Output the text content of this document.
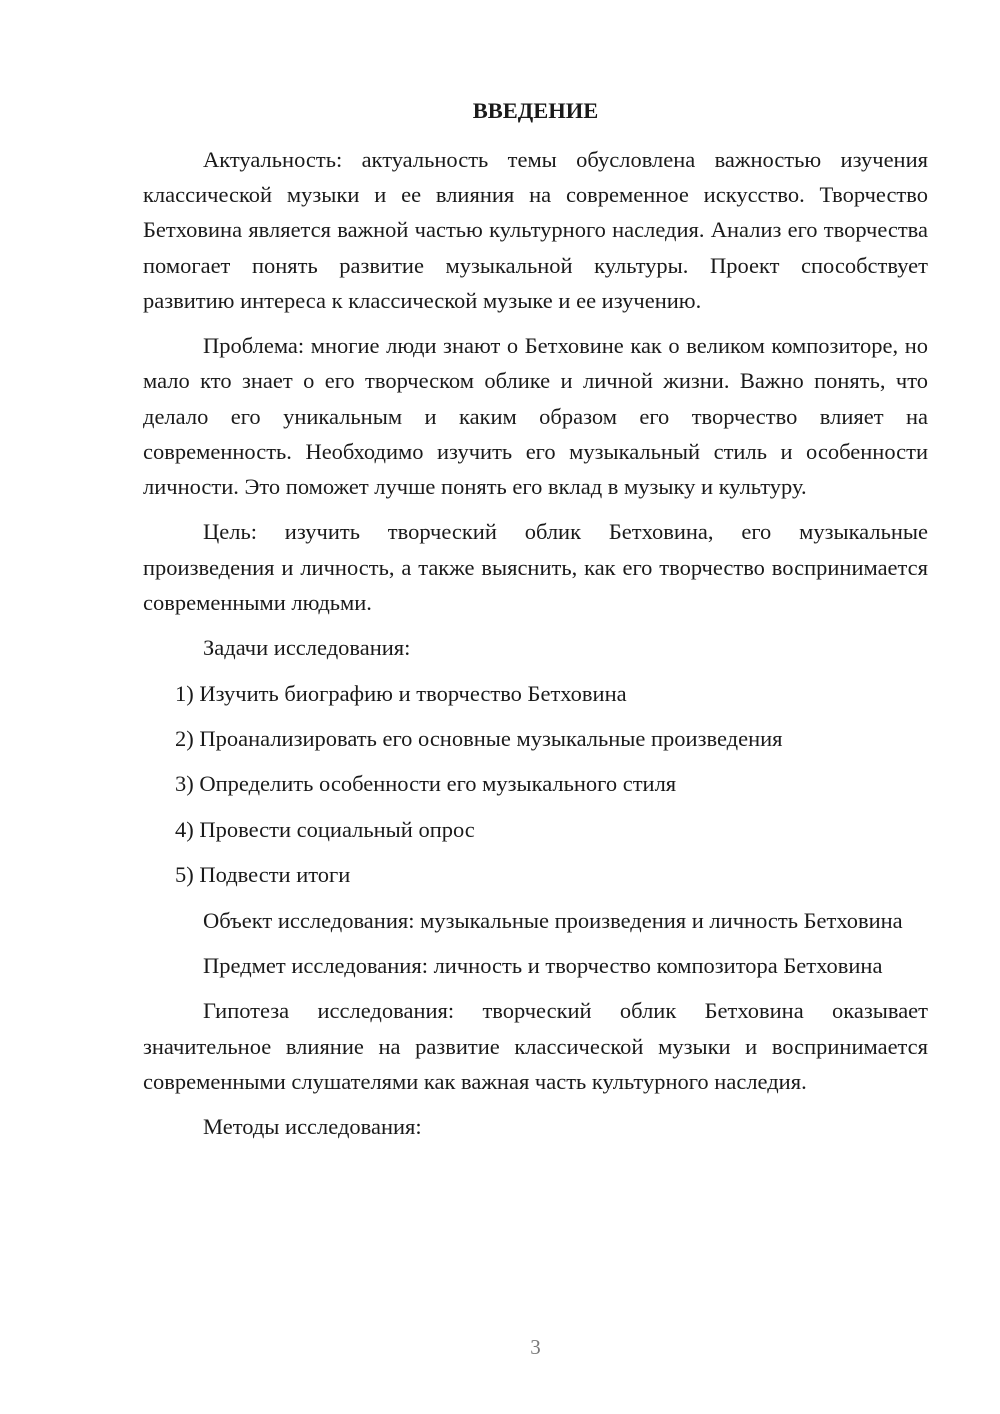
ВВЕДЕНИЕ

Актуальность: актуальность темы обусловлена важностью изучения классической музыки и ее влияния на современное искусство. Творчество Бетховина является важной частью культурного наследия. Анализ его творчества помогает понять развитие музыкальной культуры. Проект способствует развитию интереса к классической музыке и ее изучению.

Проблема: многие люди знают о Бетховине как о великом композиторе, но мало кто знает о его творческом облике и личной жизни. Важно понять, что делало его уникальным и каким образом его творчество влияет на современность. Необходимо изучить его музыкальный стиль и особенности личности. Это поможет лучше понять его вклад в музыку и культуру.

Цель: изучить творческий облик Бетховина, его музыкальные произведения и личность, а также выяснить, как его творчество воспринимается современными людьми.

Задачи исследования:

1) Изучить биографию и творчество Бетховина

2) Проанализировать его основные музыкальные произведения

3) Определить особенности его музыкального стиля

4) Провести социальный опрос

5) Подвести итоги

Объект исследования: музыкальные произведения и личность Бетховина

Предмет исследования: личность и творчество композитора Бетховина

Гипотеза исследования: творческий облик Бетховина оказывает значительное влияние на развитие классической музыки и воспринимается современными слушателями как важная часть культурного наследия.

Методы исследования:

3
